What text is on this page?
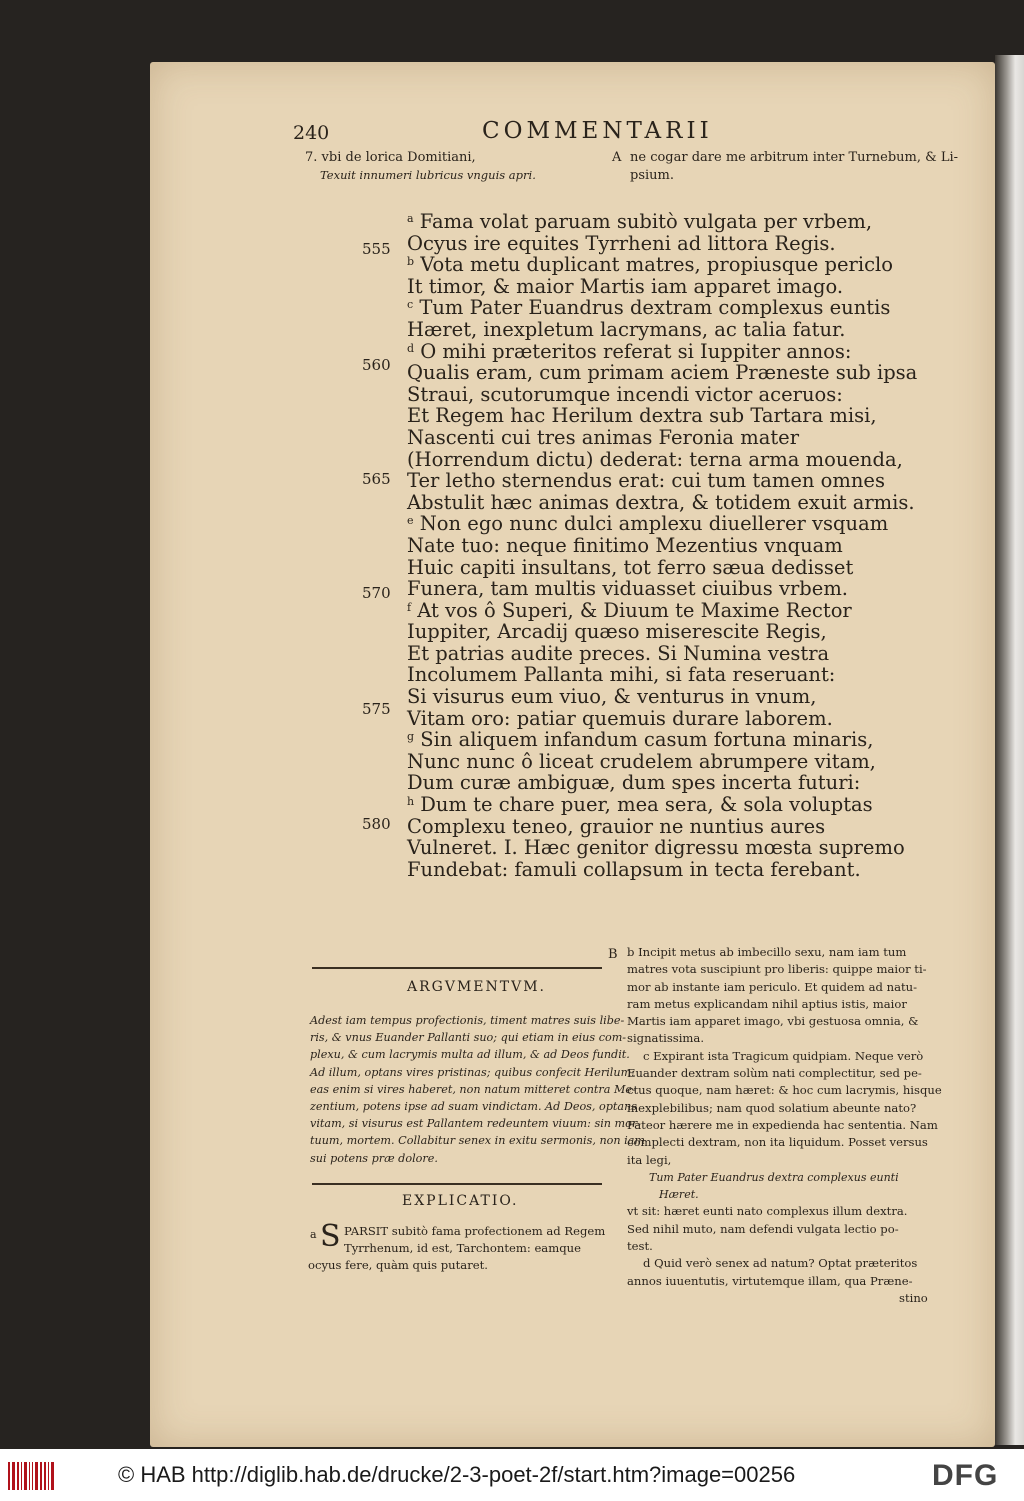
240	COMMENTARII
7. vbi de lorica Domitiani,
Texuit innumeri lubricus vnguis apri.
A ne cogar dare me arbitrum inter Turnebum, & Li-
psium.
$^a$ Fama volat paruam subitò vulgata per vrbem,
Ocyus ire equites Tyrrheni ad littora Regis.
$^b$ Vota metu duplicant matres, propiusque periclo
It timor, & maior Martis iam apparet imago.
$^c$ Tum Pater Euandrus dextram complexus euntis
Hæret, inexpletum lacrymans, ac talia fatur.
$^d$ O mihi præteritos referat si Iuppiter annos:
Qualis eram, cum primam aciem Præneste sub ipsa
Straui, scutorumque incendi victor aceruos:
Et Regem hac Herilum dextra sub Tartara misi,
Nascenti cui tres animas Feronia mater
(Horrendum dictu) dederat: terna arma mouenda,
Ter letho sternendus erat: cui tum tamen omnes
Abstulit hæc animas dextra, & totidem exuit armis.
$^e$ Non ego nunc dulci amplexu diuellerer vsquam
Nate tuo: neque finitimo Mezentius vnquam
Huic capiti insultans, tot ferro sæua dedisset
Funera, tam multis viduasset ciuibus vrbem.
$^f$ At vos ô Superi, & Diuum te Maxime Rector
Iuppiter, Arcadij quæso miserescite Regis,
Et patrias audite preces. Si Numina vestra
Incolumem Pallanta mihi, si fata reseruant:
Si visurus eum viuo, & venturus in vnum,
Vitam oro: patiar quemuis durare laborem.
$^g$ Sin aliquem infandum casum fortuna minaris,
Nunc nunc ô liceat crudelem abrumpere vitam,
Dum curæ ambiguæ, dum spes incerta futuri:
$^h$ Dum te chare puer, mea sera, & sola voluptas
Complexu teneo, grauior ne nuntius aures
Vulneret. I. Hæc genitor digressu mœsta supremo
Fundebat: famuli collapsum in tecta ferebant.
555
560
565
570
575
580
ARGVMENTVM.
Adest iam tempus profectionis, timent matres suis libe-
ris, & vnus Euander Pallanti suo; qui etiam in eius com-
plexu, & cum lacrymis multa ad illum, & ad Deos fundit.
Ad illum, optans vires pristinas; quibus confecit Herilum:
eas enim si vires haberet, non natum mitteret contra Me-
zentium, potens ipse ad suam vindictam. Ad Deos, optans
vitam, si visurus est Pallantem redeuntem viuum: sin mor-
tuum, mortem. Collabitur senex in exitu sermonis, non iam
sui potens præ dolore.
EXPLICATIO.
a S PARSIT subitò fama profectionem ad Regem
Tyrrhenum, id est, Tarchontem: eamque
ocyus fere, quàm quis putaret.
B b Incipit metus ab imbecillo sexu, nam iam tum
matres vota suscipiunt pro liberis: quippe maior ti-
mor ab instante iam periculo. Et quidem ad natu-
ram metus explicandam nihil aptius istis, maior
Martis iam apparet imago, vbi gestuosa omnia, &
signatissima.
c Expirant ista Tragicum quidpiam. Neque verò
Euander dextram solùm nati complectitur, sed pe-
ctus quoque, nam hæret: & hoc cum lacrymis, hisque
inexplebilibus; nam quod solatium abeunte nato?
Fateor hærere me in expedienda hac sententia. Nam
complecti dextram, non ita liquidum. Posset versus
ita legi,
Tum Pater Euandrus dextra complexus eunti
Hæret.
vt sit: hæret eunti nato complexus illum dextra.
Sed nihil muto, nam defendi vulgata lectio po-
test.
d Quid verò senex ad natum? Optat præteritos
annos iuuentutis, virtutemque illam, qua Præne-
stino
© HAB http://diglib.hab.de/drucke/2-3-poet-2f/start.htm?image=00256	DFG
